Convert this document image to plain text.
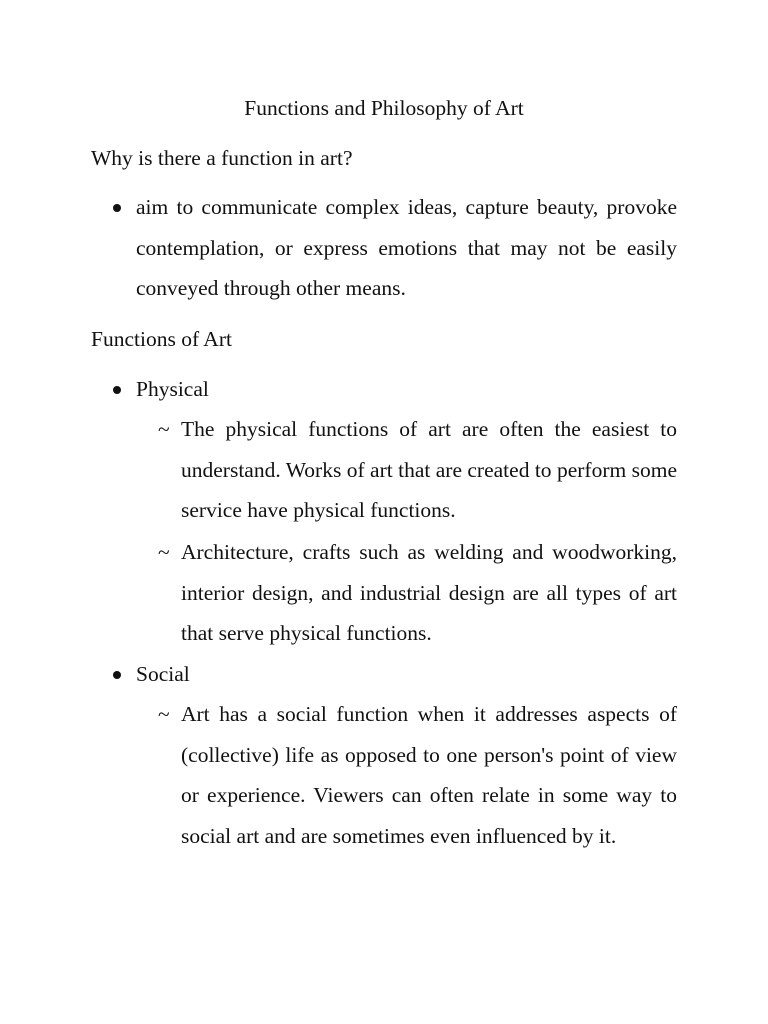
Functions and Philosophy of Art
Why is there a function in art?
aim to communicate complex ideas, capture beauty, provoke contemplation, or express emotions that may not be easily conveyed through other means.
Functions of Art
Physical
~ The physical functions of art are often the easiest to understand. Works of art that are created to perform some service have physical functions.
~ Architecture, crafts such as welding and woodworking, interior design, and industrial design are all types of art that serve physical functions.
Social
~ Art has a social function when it addresses aspects of (collective) life as opposed to one person's point of view or experience. Viewers can often relate in some way to social art and are sometimes even influenced by it.
